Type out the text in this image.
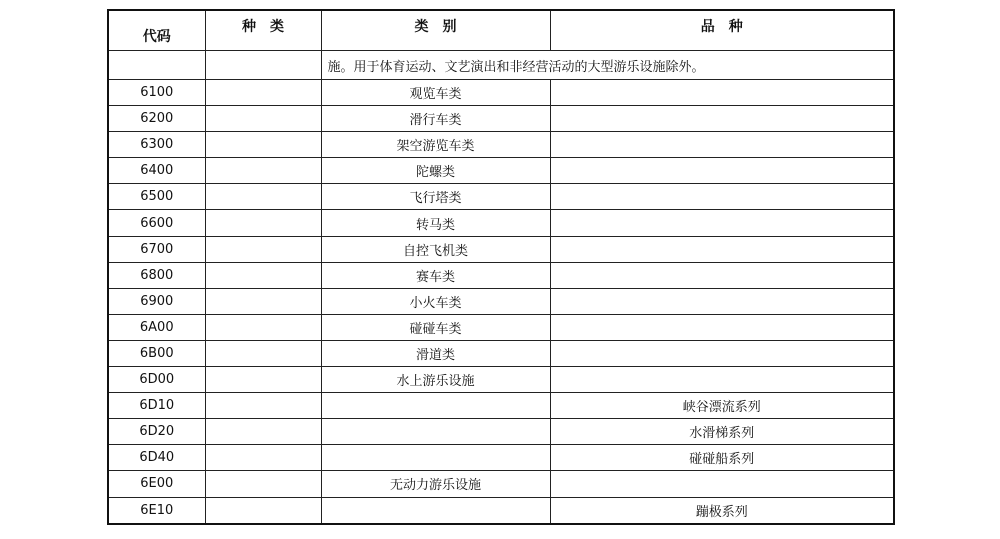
代码	种　类	类　别	品　种
		施。用于体育运动、文艺演出和非经营活动的大型游乐设施除外。	
6100		观览车类	
6200		滑行车类	
6300		架空游览车类	
6400		陀螺类	
6500		飞行塔类	
6600		转马类	
6700		自控飞机类	
6800		赛车类	
6900		小火车类	
6A00		碰碰车类	
6B00		滑道类	
6D00		水上游乐设施	
6D10			峡谷漂流系列
6D20			水滑梯系列
6D40			碰碰船系列
6E00		无动力游乐设施	
6E10			蹦极系列
